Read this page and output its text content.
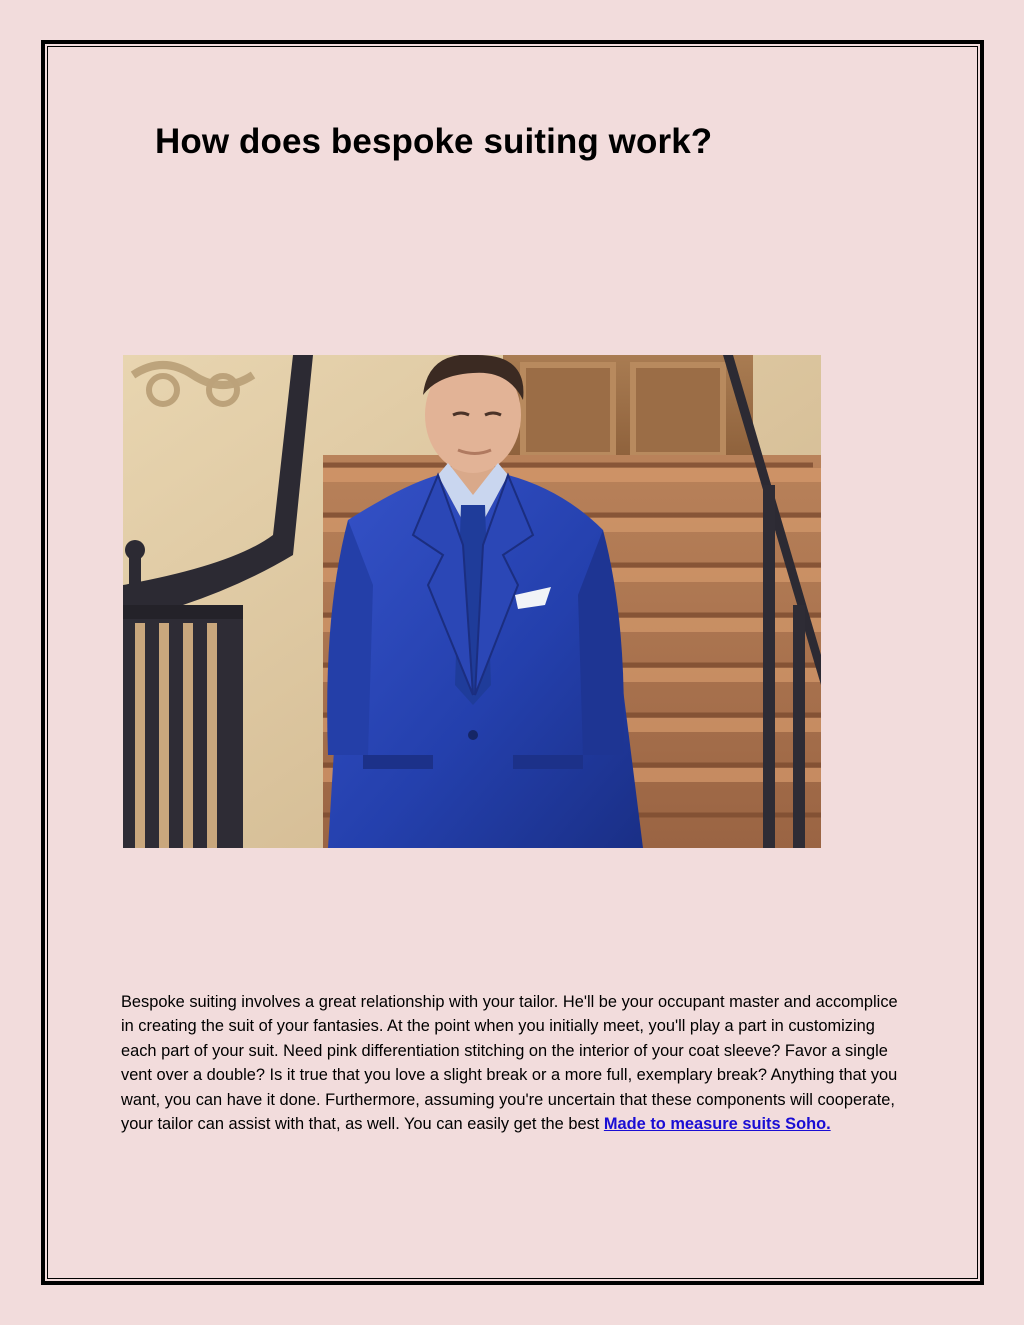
How does bespoke suiting work?

Bespoke suiting involves a great relationship with your tailor. He'll be your occupant master and accomplice in creating the suit of your fantasies. At the point when you initially meet, you'll play a part in customizing each part of your suit. Need pink differentiation stitching on the interior of your coat sleeve? Favor a single vent over a double? Is it true that you love a slight break or a more full, exemplary break? Anything that you want, you can have it done. Furthermore, assuming you're uncertain that these components will cooperate, your tailor can assist with that, as well. You can easily get the best Made to measure suits Soho.
